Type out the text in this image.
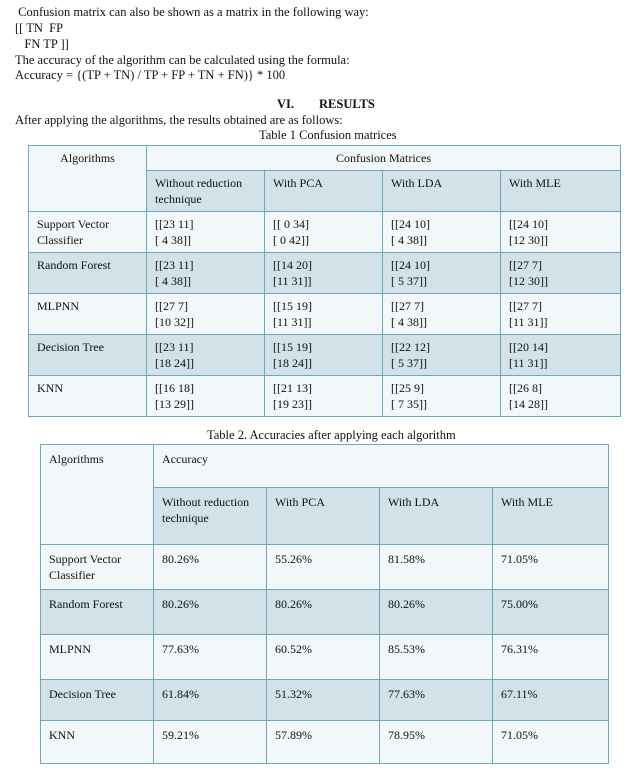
Confusion matrix can also be shown as a matrix in the following way:
[[ TN  FP
FN TP ]]
The accuracy of the algorithm can be calculated using the formula:
Accuracy = {(TP + TN) / TP + FP + TN + FN)} * 100
VI. RESULTS
After applying the algorithms, the results obtained are as follows:
Table 1 Confusion matrices
Algorithms	Confusion Matrices			
	Without reduction technique	With PCA	With LDA	With MLE
Support Vector Classifier	[[23 11]
[ 4 38]]	[[ 0 34]
[ 0 42]]	[[24 10]
[ 4 38]]	[[24 10]
[12 30]]
Random Forest	[[23 11]
[ 4 38]]	[[14 20]
[11 31]]	[[24 10]
[ 5 37]]	[[27 7]
[12 30]]
MLPNN	[[27 7]
[10 32]]	[[15 19]
[11 31]]	[[27 7]
[ 4 38]]	[[27 7]
[11 31]]
Decision Tree	[[23 11]
[18 24]]	[[15 19]
[18 24]]	[[22 12]
[ 5 37]]	[[20 14]
[11 31]]
KNN	[[16 18]
[13 29]]	[[21 13]
[19 23]]	[[25 9]
[ 7 35]]	[[26 8]
[14 28]]
Table 2. Accuracies after applying each algorithm
Algorithms	Accuracy			
	Without reduction technique	With PCA	With LDA	With MLE
Support Vector Classifier	80.26%	55.26%	81.58%	71.05%
Random Forest	80.26%	80.26%	80.26%	75.00%
MLPNN	77.63%	60.52%	85.53%	76.31%
Decision Tree	61.84%	51.32%	77.63%	67.11%
KNN	59.21%	57.89%	78.95%	71.05%
